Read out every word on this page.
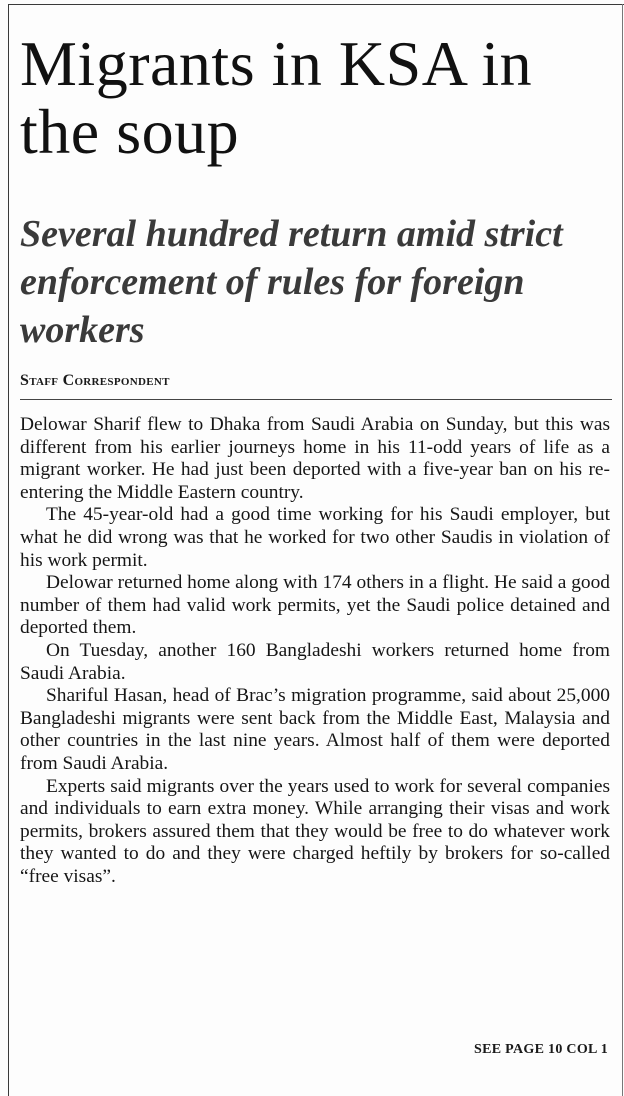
Migrants in KSA in the soup
Several hundred return amid strict enforcement of rules for foreign workers
Staff Correspondent

Delowar Sharif flew to Dhaka from Saudi Arabia on Sunday, but this was different from his earlier journeys home in his 11-odd years of life as a migrant worker. He had just been deported with a five-year ban on his re-entering the Middle Eastern country.

The 45-year-old had a good time working for his Saudi employer, but what he did wrong was that he worked for two other Saudis in violation of his work permit.

Delowar returned home along with 174 others in a flight. He said a good number of them had valid work permits, yet the Saudi police detained and deported them.

On Tuesday, another 160 Bangladeshi workers returned home from Saudi Arabia.

Shariful Hasan, head of Brac’s migration programme, said about 25,000 Bangladeshi migrants were sent back from the Middle East, Malaysia and other countries in the last nine years. Almost half of them were deported from Saudi Arabia.

Experts said migrants over the years used to work for several companies and individuals to earn extra money. While arranging their visas and work permits, brokers assured them that they would be free to do whatever work they wanted to do and they were charged heftily by brokers for so-called “free visas”.

SEE PAGE 10 COL 1
